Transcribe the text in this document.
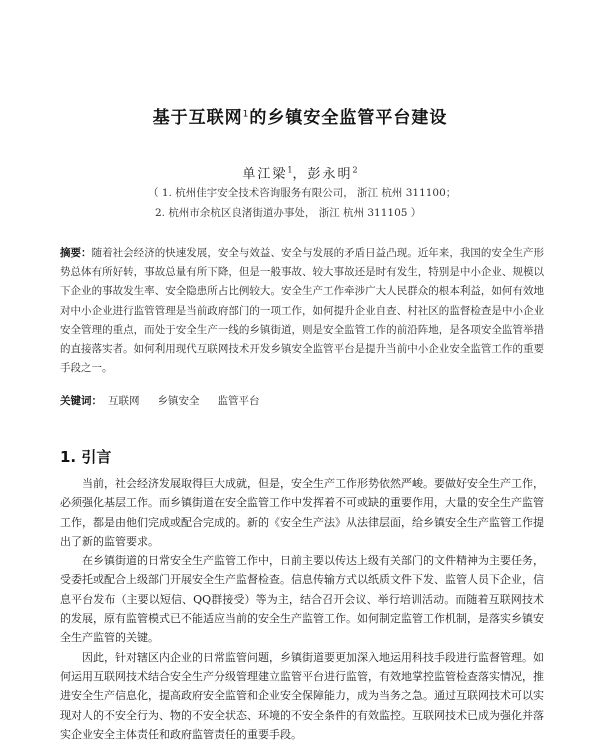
基于互联网$^1$的乡镇安全监管平台建设
单江梁$^1$，彭永明$^2$
（ 1. 杭州佳宇安全技术咨询服务有限公司， 浙江 杭州 311100；
2. 杭州市余杭区良渚街道办事处， 浙江 杭州 311105 ）
摘要：随着社会经济的快速发展，安全与效益、安全与发展的矛盾日益凸现。近年来，我国的安全生产形势总体有所好转，事故总量有所下降，但是一般事故、较大事故还是时有发生，特别是中小企业、规模以下企业的事故发生率、安全隐患所占比例较大。安全生产工作牵涉广大人民群众的根本利益，如何有效地对中小企业进行监管管理是当前政府部门的一项工作，如何提升企业自查、村社区的监督检查是中小企业安全管理的重点，而处于安全生产一线的乡镇街道，则是安全监管工作的前沿阵地，是各项安全监管举措的直接落实者。如何利用现代互联网技术开发乡镇安全监管平台是提升当前中小企业安全监管工作的重要手段之一。
关键词： 互联网 乡镇安全 监管平台
1. 引言

当前，社会经济发展取得巨大成就，但是，安全生产工作形势依然严峻。要做好安全生产工作，必须强化基层工作。而乡镇街道在安全监管工作中发挥着不可或缺的重要作用，大量的安全生产监管工作，都是由他们完成或配合完成的。新的《安全生产法》从法律层面，给乡镇安全生产监管工作提出了新的监管要求。

在乡镇街道的日常安全生产监管工作中，日前主要以传达上级有关部门的文件精神为主要任务，受委托或配合上级部门开展安全生产监督检查。信息传输方式以纸质文件下发、监管人员下企业，信息平台发布（主要以短信、QQ群接受）等为主，结合召开会议、举行培训活动。而随着互联网技术的发展，原有监管模式已不能适应当前的安全生产监管工作。如何制定监管工作机制，是落实乡镇安全生产监管的关键。

因此，针对辖区内企业的日常监管问题，乡镇街道要更加深入地运用科技手段进行监督管理。如何运用互联网技术结合安全生产分级管理建立监管平台进行监管，有效地掌控监管检查落实情况，推进安全生产信息化，提高政府安全监管和企业安全保障能力，成为当务之急。通过互联网技术可以实现对人的不安全行为、物的不安全状态、环境的不安全条件的有效监控。互联网技术已成为强化并落实企业安全主体责任和政府监管责任的重要手段。
